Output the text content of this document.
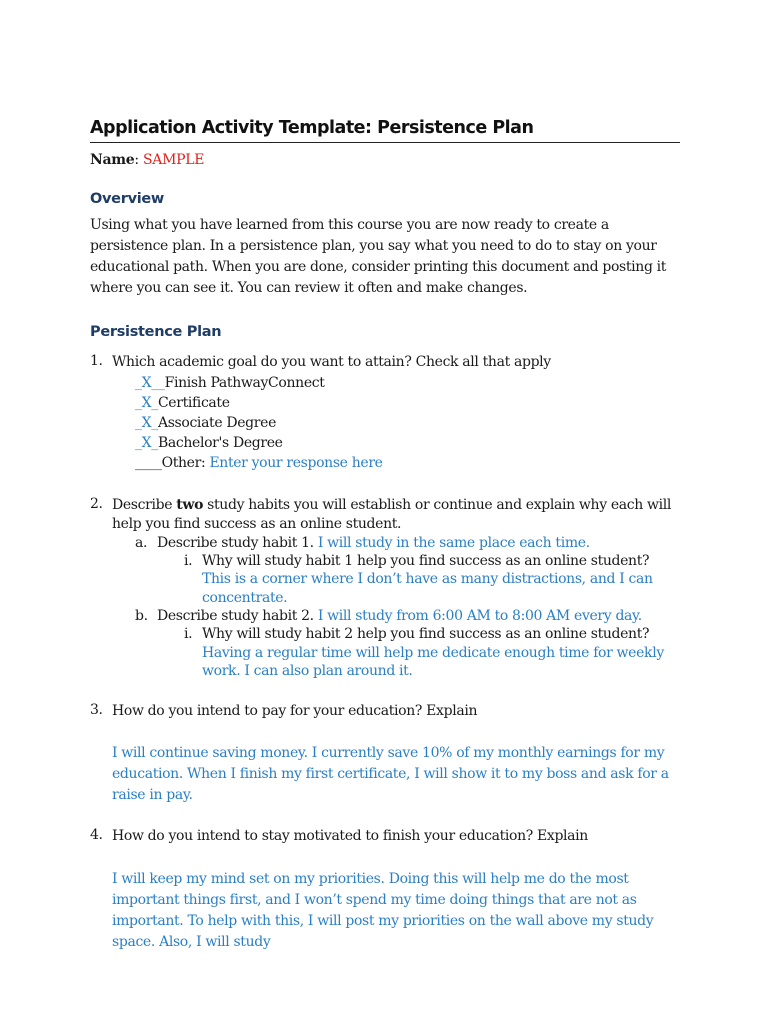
Application Activity Template: Persistence Plan
Name: SAMPLE
Overview

Using what you have learned from this course you are now ready to create a persistence plan. In a persistence plan, you say what you need to do to stay on your educational path. When you are done, consider printing this document and posting it where you can see it. You can review it often and make changes.

Persistence Plan
1. Which academic goal do you want to attain? Check all that apply
_X__Finish PathwayConnect
_X_Certificate
_X_Associate Degree
_X_Bachelor's Degree
____Other: Enter your response here
2. Describe two study habits you will establish or continue and explain why each will help you find success as an online student.
a. Describe study habit 1. I will study in the same place each time.
i. Why will study habit 1 help you find success as an online student? This is a corner where I don’t have as many distractions, and I can concentrate.
b. Describe study habit 2. I will study from 6:00 AM to 8:00 AM every day.
i. Why will study habit 2 help you find success as an online student? Having a regular time will help me dedicate enough time for weekly work. I can also plan around it.
3. How do you intend to pay for your education? Explain
I will continue saving money. I currently save 10% of my monthly earnings for my education. When I finish my first certificate, I will show it to my boss and ask for a raise in pay.
4. How do you intend to stay motivated to finish your education? Explain
I will keep my mind set on my priorities. Doing this will help me do the most important things first, and I won’t spend my time doing things that are not as important. To help with this, I will post my priorities on the wall above my study space. Also, I will study
